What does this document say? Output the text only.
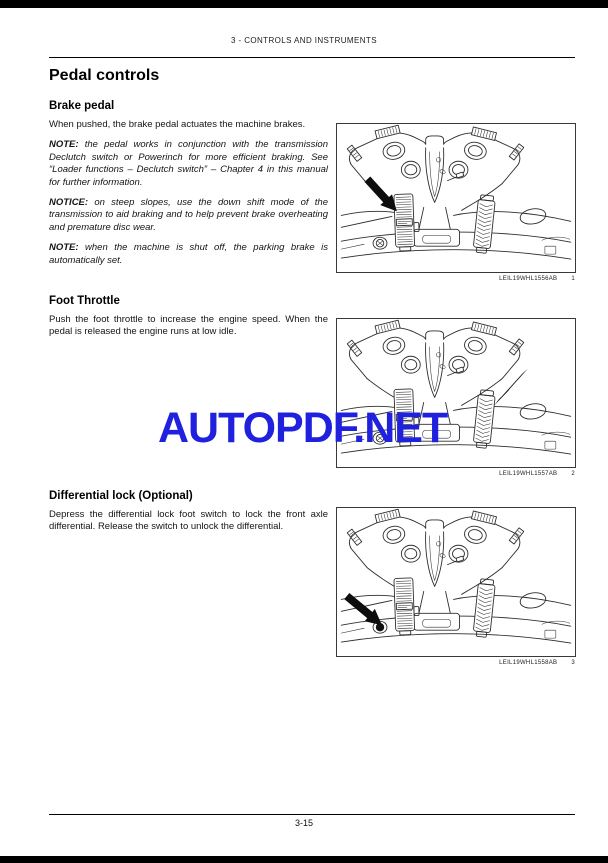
3 - CONTROLS AND INSTRUMENTS
Pedal controls
Brake pedal

When pushed, the brake pedal actuates the machine brakes.

NOTE: the pedal works in conjunction with the transmission Declutch switch or Powerinch for more efficient braking. See “Loader functions – Declutch switch” – Chapter 4 in this manual for further information.

NOTICE: on steep slopes, use the down shift mode of the transmission to aid braking and to help prevent brake overheating and premature disc wear.

NOTE: when the machine is shut off, the parking brake is automatically set.

LEIL19WHL1556AB 1
Foot Throttle

Push the foot throttle to increase the engine speed. When the pedal is released the engine runs at low idle.

LEIL19WHL1557AB 2
AUTOPDF.NET
Differential lock (Optional)

Depress the differential lock foot switch to lock the front axle differential. Release the switch to unlock the differential.

LEIL19WHL1558AB 3
3-15
